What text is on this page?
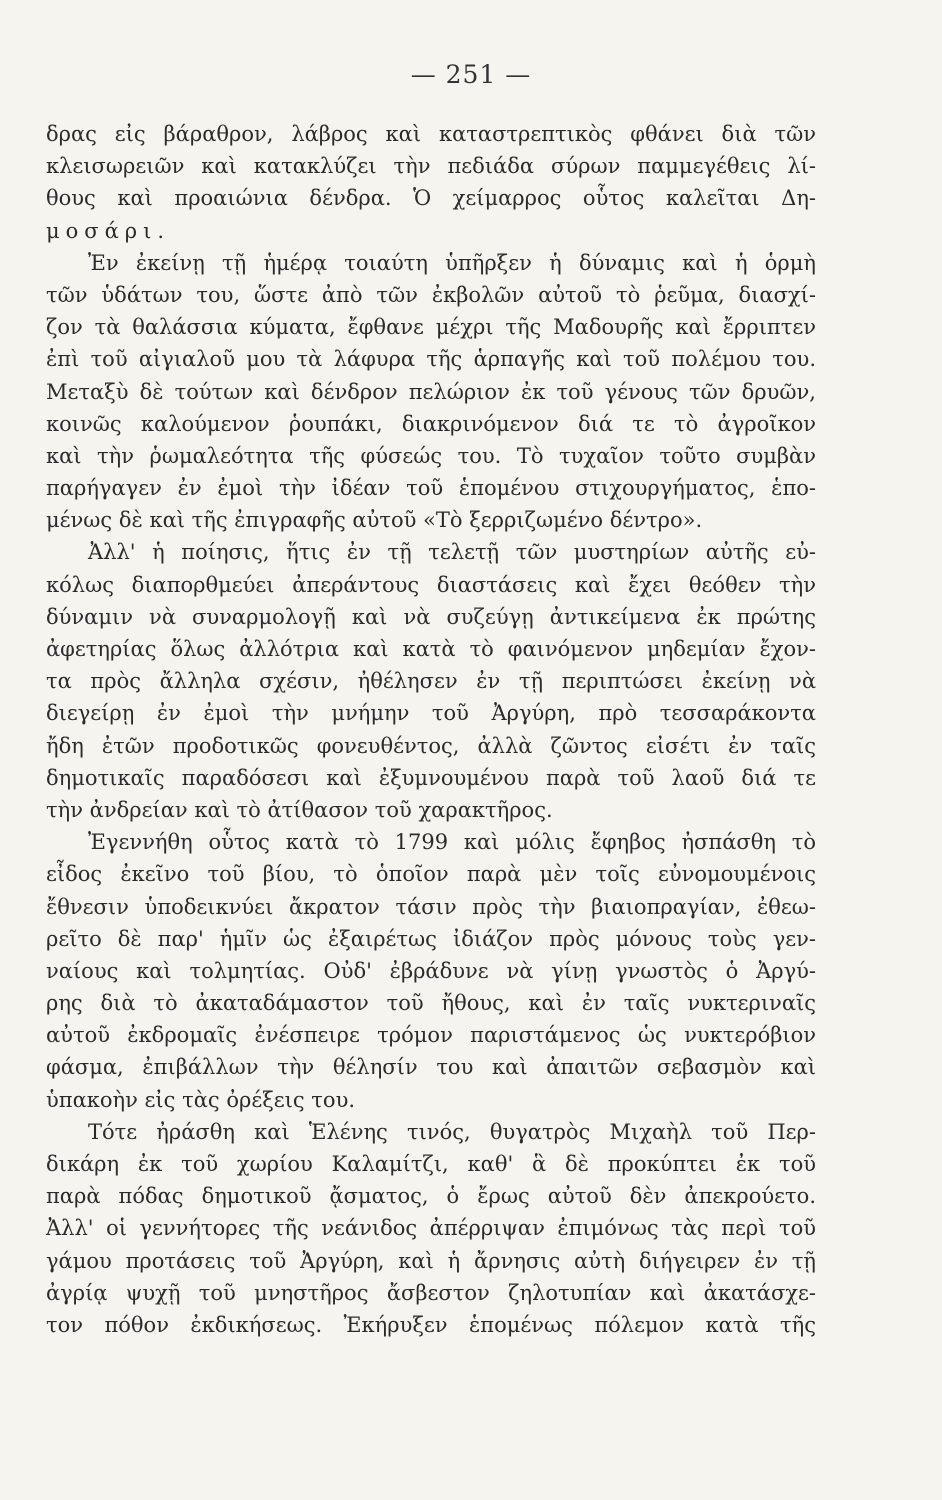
— 251 —
δρας εἰς βάραθρον, λάβρος καὶ καταστρεπτικὸς φθάνει διὰ τῶν
κλεισωρειῶν καὶ κατακλύζει τὴν πεδιάδα σύρων παμμεγέθεις λί-
θους καὶ προαιώνια δένδρα. Ὁ χείμαρρος οὗτος καλεῖται Δη-
μοσάρι.
Ἐν ἐκείνῃ τῇ ἡμέρᾳ τοιαύτη ὑπῆρξεν ἡ δύναμις καὶ ἡ ὁρμὴ
τῶν ὑδάτων του, ὥστε ἀπὸ τῶν ἐκβολῶν αὐτοῦ τὸ ῥεῦμα, διασχί-
ζον τὰ θαλάσσια κύματα, ἔφθανε μέχρι τῆς Μαδουρῆς καὶ ἔρριπτεν
ἐπὶ τοῦ αἰγιαλοῦ μου τὰ λάφυρα τῆς ἁρπαγῆς καὶ τοῦ πολέμου του.
Μεταξὺ δὲ τούτων καὶ δένδρον πελώριον ἐκ τοῦ γένους τῶν δρυῶν,
κοινῶς καλούμενον ῥουπάκι, διακρινόμενον διά τε τὸ ἀγροῖκον
καὶ τὴν ῥωμαλεότητα τῆς φύσεώς του. Τὸ τυχαῖον τοῦτο συμβὰν
παρήγαγεν ἐν ἐμοὶ τὴν ἰδέαν τοῦ ἑπομένου στιχουργήματος, ἑπο-
μένως δὲ καὶ τῆς ἐπιγραφῆς αὐτοῦ «Τὸ ξερριζωμένο δέντρο».
Ἀλλ' ἡ ποίησις, ἥτις ἐν τῇ τελετῇ τῶν μυστηρίων αὐτῆς εὐ-
κόλως διαπορθμεύει ἀπεράντους διαστάσεις καὶ ἔχει θεόθεν τὴν
δύναμιν νὰ συναρμολογῇ καὶ νὰ συζεύγῃ ἀντικείμενα ἐκ πρώτης
ἀφετηρίας ὅλως ἀλλότρια καὶ κατὰ τὸ φαινόμενον μηδεμίαν ἔχον-
τα πρὸς ἄλληλα σχέσιν, ἠθέλησεν ἐν τῇ περιπτώσει ἐκείνῃ νὰ
διεγείρῃ ἐν ἐμοὶ τὴν μνήμην τοῦ Ἀργύρη, πρὸ τεσσαράκοντα
ἤδη ἐτῶν προδοτικῶς φονευθέντος, ἀλλὰ ζῶντος εἰσέτι ἐν ταῖς
δημοτικαῖς παραδόσεσι καὶ ἐξυμνουμένου παρὰ τοῦ λαοῦ διά τε
τὴν ἀνδρείαν καὶ τὸ ἀτίθασον τοῦ χαρακτῆρος.
Ἐγεννήθη οὗτος κατὰ τὸ 1799 καὶ μόλις ἔφηβος ἠσπάσθη τὸ
εἶδος ἐκεῖνο τοῦ βίου, τὸ ὁποῖον παρὰ μὲν τοῖς εὐνομουμένοις
ἔθνεσιν ὑποδεικνύει ἄκρατον τάσιν πρὸς τὴν βιαιοπραγίαν, ἐθεω-
ρεῖτο δὲ παρ' ἡμῖν ὡς ἐξαιρέτως ἰδιάζον πρὸς μόνους τοὺς γεν-
ναίους καὶ τολμητίας. Οὐδ' ἐβράδυνε νὰ γίνῃ γνωστὸς ὁ Ἀργύ-
ρης διὰ τὸ ἀκαταδάμαστον τοῦ ἤθους, καὶ ἐν ταῖς νυκτεριναῖς
αὐτοῦ ἐκδρομαῖς ἐνέσπειρε τρόμον παριστάμενος ὡς νυκτερόβιον
φάσμα, ἐπιβάλλων τὴν θέλησίν του καὶ ἀπαιτῶν σεβασμὸν καὶ
ὑπακοὴν εἰς τὰς ὀρέξεις του.
Τότε ἠράσθη καὶ Ἑλένης τινός, θυγατρὸς Μιχαὴλ τοῦ Περ-
δικάρη ἐκ τοῦ χωρίου Καλαμίτζι, καθ' ἃ δὲ προκύπτει ἐκ τοῦ
παρὰ πόδας δημοτικοῦ ᾄσματος, ὁ ἔρως αὐτοῦ δὲν ἀπεκρούετο.
Ἀλλ' οἱ γεννήτορες τῆς νεάνιδος ἀπέρριψαν ἐπιμόνως τὰς περὶ τοῦ
γάμου προτάσεις τοῦ Ἀργύρη, καὶ ἡ ἄρνησις αὐτὴ διήγειρεν ἐν τῇ
ἀγρίᾳ ψυχῇ τοῦ μνηστῆρος ἄσβεστον ζηλοτυπίαν καὶ ἀκατάσχε-
τον πόθον ἐκδικήσεως. Ἐκήρυξεν ἑπομένως πόλεμον κατὰ τῆς
